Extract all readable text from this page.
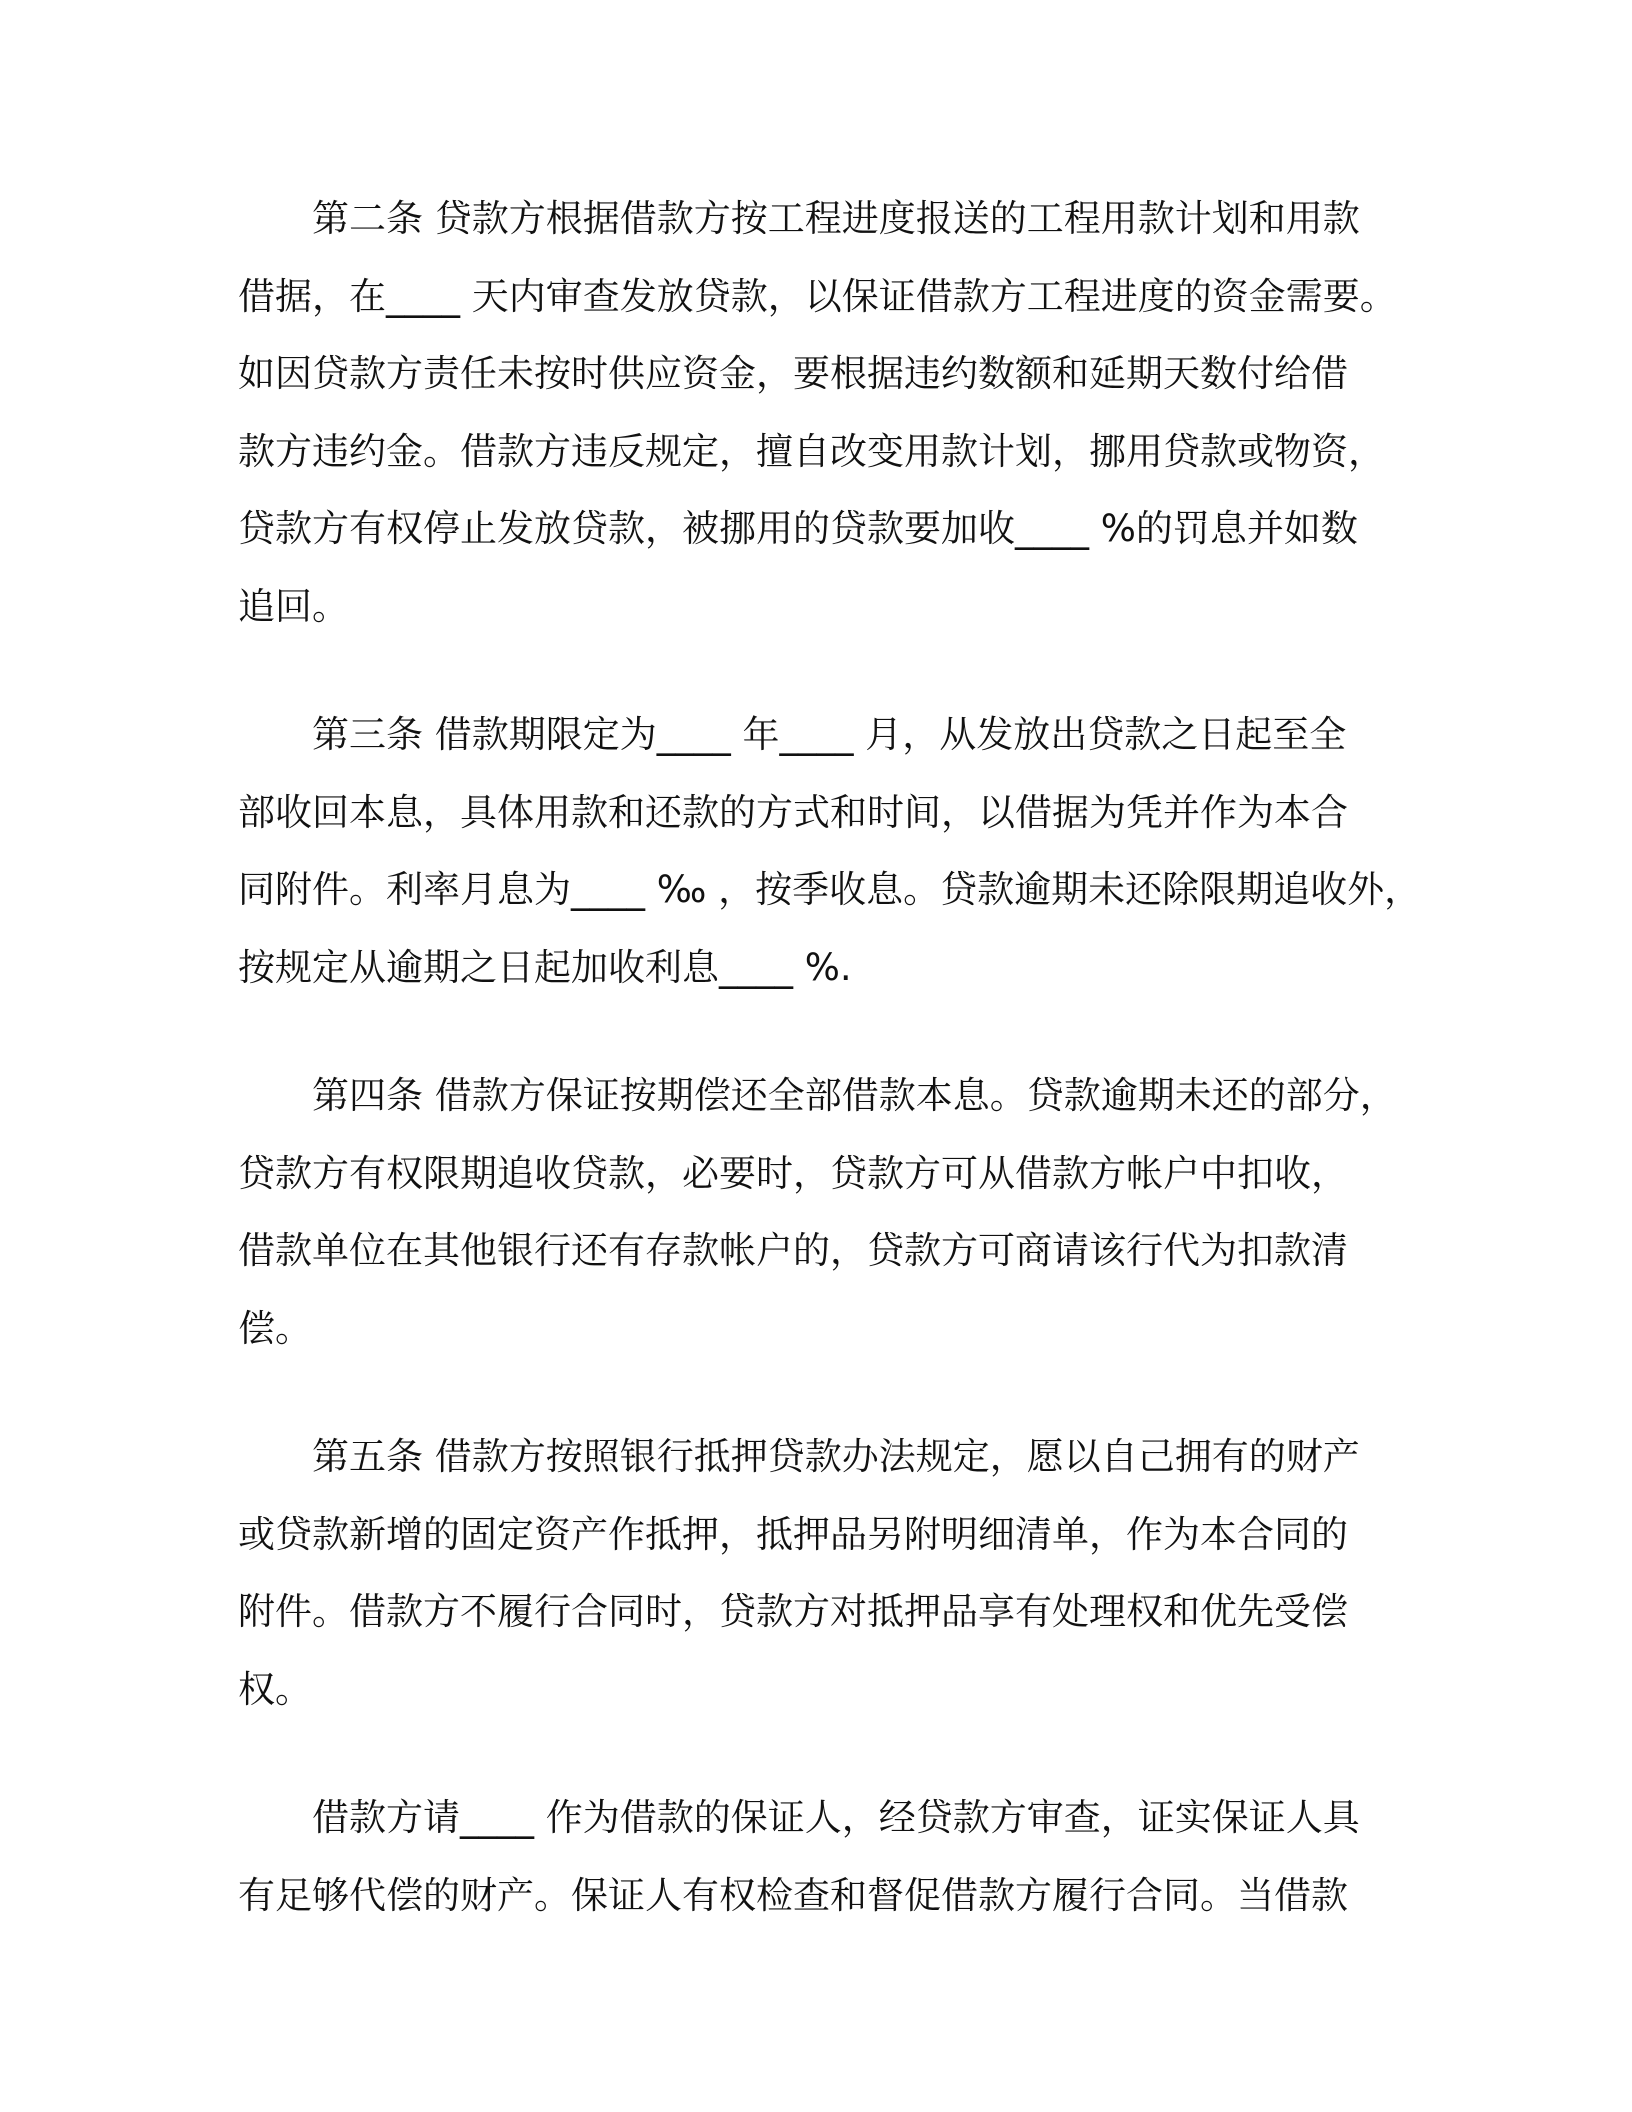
第二条 贷款方根据借款方按工程进度报送的工程用款计划和用款
借据，在____ 天内审查发放贷款，以保证借款方工程进度的资金需要。
如因贷款方责任未按时供应资金，要根据违约数额和延期天数付给借
款方违约金。借款方违反规定，擅自改变用款计划，挪用贷款或物资，
贷款方有权停止发放贷款，被挪用的贷款要加收____ %的罚息并如数
追回。
第三条 借款期限定为____ 年____ 月，从发放出贷款之日起至全
部收回本息，具体用款和还款的方式和时间，以借据为凭并作为本合
同附件。利率月息为____ ‰ ，按季收息。贷款逾期未还除限期追收外，
按规定从逾期之日起加收利息____ %.
第四条 借款方保证按期偿还全部借款本息。贷款逾期未还的部分，
贷款方有权限期追收贷款，必要时，贷款方可从借款方帐户中扣收，
借款单位在其他银行还有存款帐户的，贷款方可商请该行代为扣款清
偿。
第五条 借款方按照银行抵押贷款办法规定，愿以自己拥有的财产
或贷款新增的固定资产作抵押，抵押品另附明细清单，作为本合同的
附件。借款方不履行合同时，贷款方对抵押品享有处理权和优先受偿
权。
借款方请____ 作为借款的保证人，经贷款方审查，证实保证人具
有足够代偿的财产。保证人有权检查和督促借款方履行合同。当借款
